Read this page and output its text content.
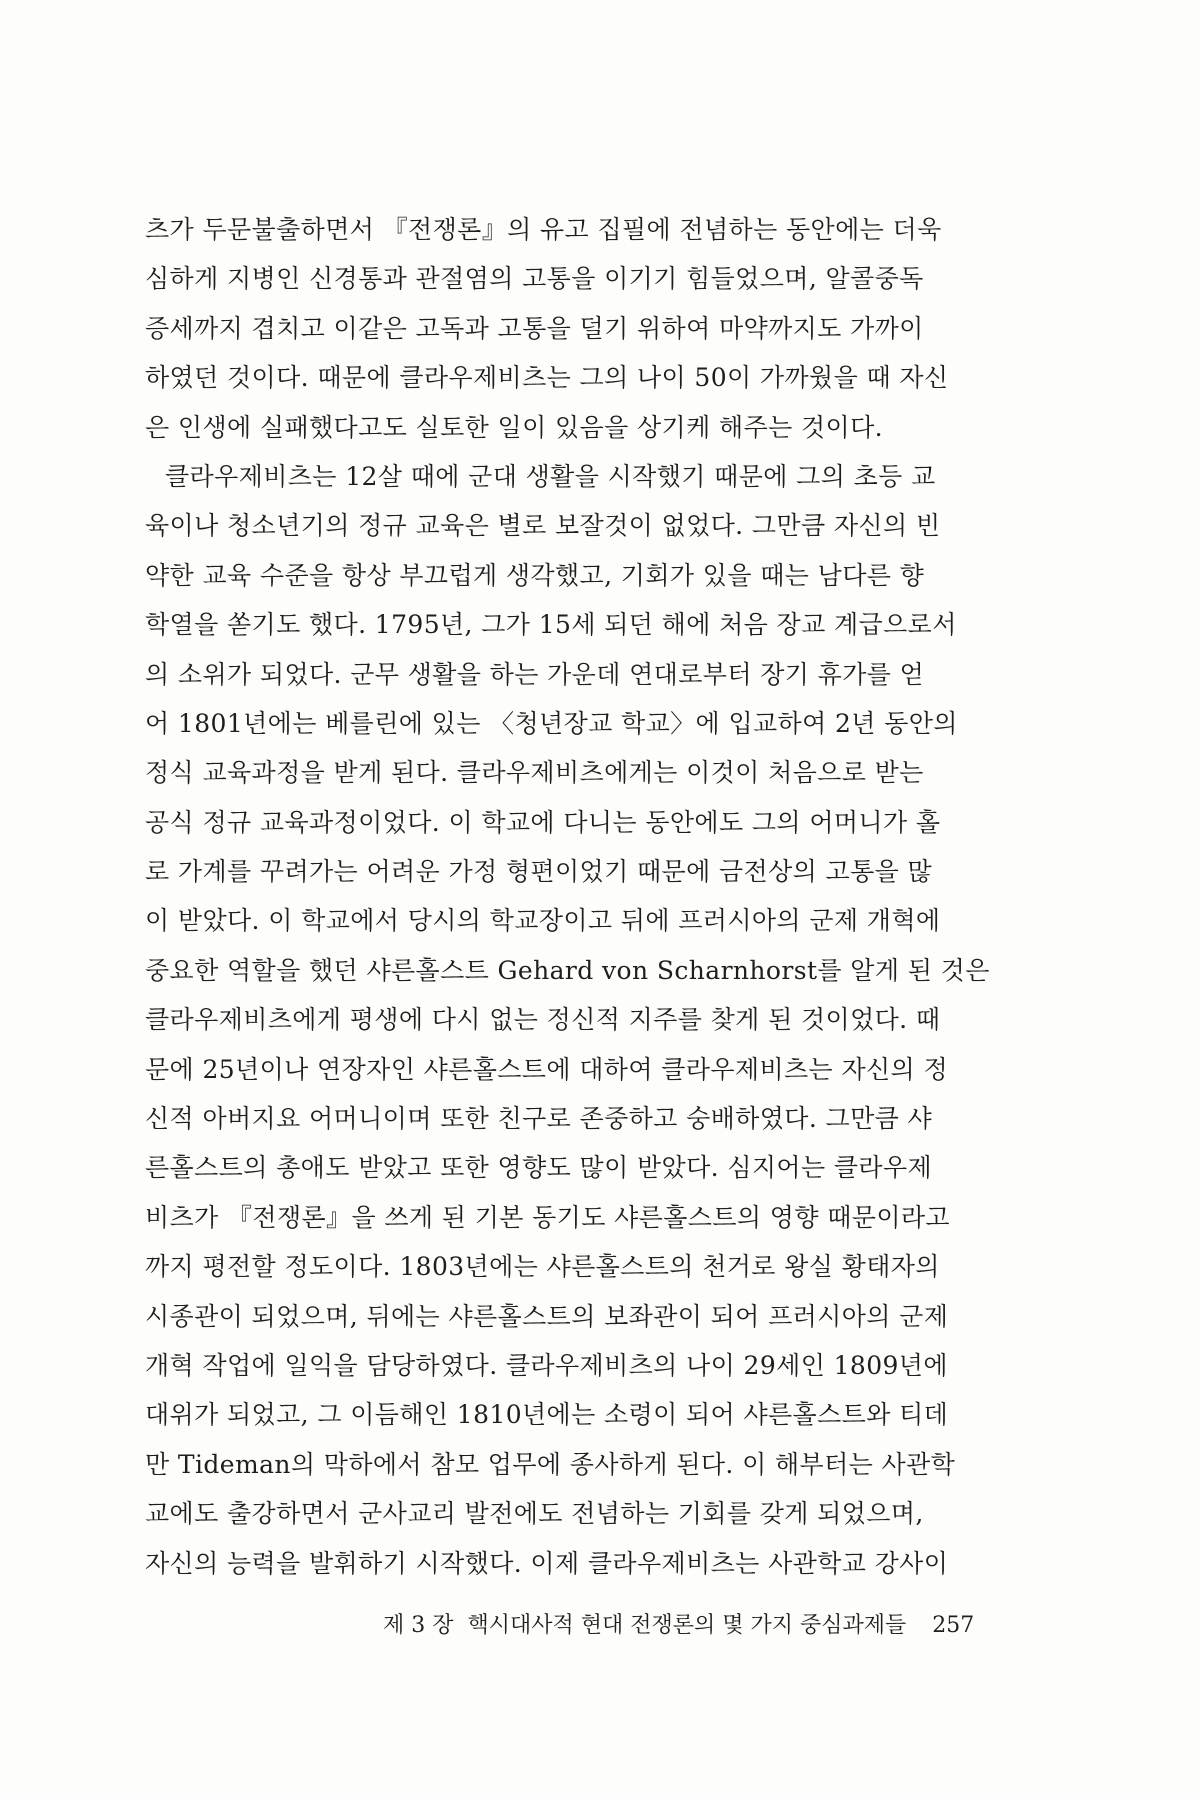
츠가 두문불출하면서 『전쟁론』의 유고 집필에 전념하는 동안에는 더욱
심하게 지병인 신경통과 관절염의 고통을 이기기 힘들었으며, 알콜중독
증세까지 겹치고 이같은 고독과 고통을 덜기 위하여 마약까지도 가까이
하였던 것이다. 때문에 클라우제비츠는 그의 나이 50이 가까웠을 때 자신
은 인생에 실패했다고도 실토한 일이 있음을 상기케 해주는 것이다.
클라우제비츠는 12살 때에 군대 생활을 시작했기 때문에 그의 초등 교
육이나 청소년기의 정규 교육은 별로 보잘것이 없었다. 그만큼 자신의 빈
약한 교육 수준을 항상 부끄럽게 생각했고, 기회가 있을 때는 남다른 향
학열을 쏟기도 했다. 1795년, 그가 15세 되던 해에 처음 장교 계급으로서
의 소위가 되었다. 군무 생활을 하는 가운데 연대로부터 장기 휴가를 얻
어 1801년에는 베를린에 있는 〈청년장교 학교〉에 입교하여 2년 동안의
정식 교육과정을 받게 된다. 클라우제비츠에게는 이것이 처음으로 받는
공식 정규 교육과정이었다. 이 학교에 다니는 동안에도 그의 어머니가 홀
로 가계를 꾸려가는 어려운 가정 형편이었기 때문에 금전상의 고통을 많
이 받았다. 이 학교에서 당시의 학교장이고 뒤에 프러시아의 군제 개혁에
중요한 역할을 했던 샤른홀스트 Gehard von Scharnhorst를 알게 된 것은
클라우제비츠에게 평생에 다시 없는 정신적 지주를 찾게 된 것이었다. 때
문에 25년이나 연장자인 샤른홀스트에 대하여 클라우제비츠는 자신의 정
신적 아버지요 어머니이며 또한 친구로 존중하고 숭배하였다. 그만큼 샤
른홀스트의 총애도 받았고 또한 영향도 많이 받았다. 심지어는 클라우제
비츠가 『전쟁론』을 쓰게 된 기본 동기도 샤른홀스트의 영향 때문이라고
까지 평전할 정도이다. 1803년에는 샤른홀스트의 천거로 왕실 황태자의
시종관이 되었으며, 뒤에는 샤른홀스트의 보좌관이 되어 프러시아의 군제
개혁 작업에 일익을 담당하였다. 클라우제비츠의 나이 29세인 1809년에
대위가 되었고, 그 이듬해인 1810년에는 소령이 되어 샤른홀스트와 티데
만 Tideman의 막하에서 참모 업무에 종사하게 된다. 이 해부터는 사관학
교에도 출강하면서 군사교리 발전에도 전념하는 기회를 갖게 되었으며,
자신의 능력을 발휘하기 시작했다. 이제 클라우제비츠는 사관학교 강사이

제 3 장  핵시대사적 현대 전쟁론의 몇 가지 중심과제들 257
